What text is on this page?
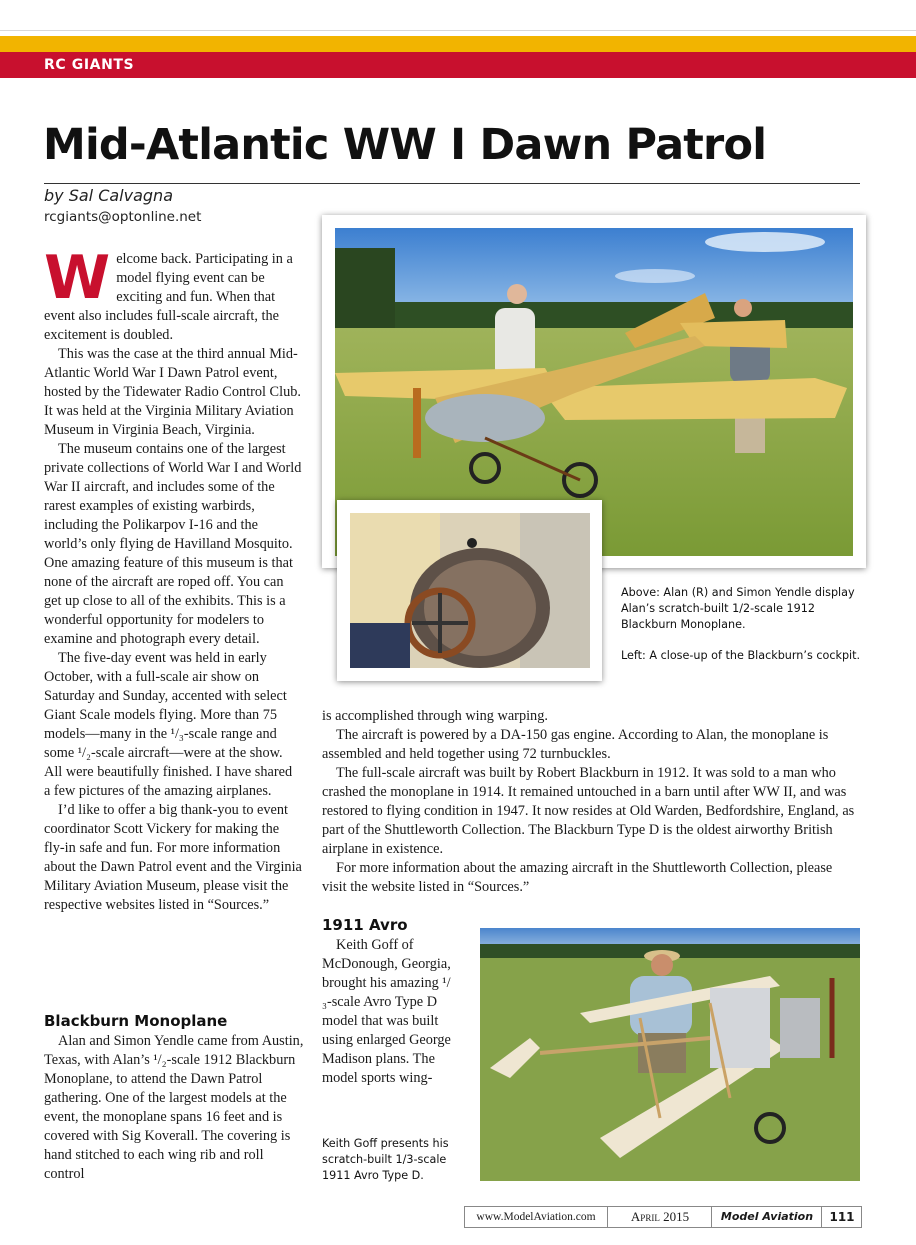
RC GIANTS
Mid-Atlantic WW I Dawn Patrol
by Sal Calvagna
rcgiants@optonline.net

Welcome back. Participating in a model flying event can be exciting and fun. When that event also includes full-scale aircraft, the excitement is doubled.

This was the case at the third annual Mid-Atlantic World War I Dawn Patrol event, hosted by the Tidewater Radio Control Club. It was held at the Virginia Military Aviation Museum in Virginia Beach, Virginia.

The museum contains one of the largest private collections of World War I and World War II aircraft, and includes some of the rarest examples of existing warbirds, including the Polikarpov I-16 and the world’s only flying de Havilland Mosquito. One amazing feature of this museum is that none of the aircraft are roped off. You can get up close to all of the exhibits. This is a wonderful opportunity for modelers to examine and photograph every detail.

The five-day event was held in early October, with a full-scale air show on Saturday and Sunday, accented with select Giant Scale models flying. More than 75 models—many in the ¹/₃-scale range and some ¹/₂-scale aircraft—were at the show. All were beautifully finished. I have shared a few pictures of the amazing airplanes.

I’d like to offer a big thank-you to event coordinator Scott Vickery for making the fly-in safe and fun. For more information about the Dawn Patrol event and the Virginia Military Aviation Museum, please visit the respective websites listed in “Sources.”

Blackburn Monoplane

Alan and Simon Yendle came from Austin, Texas, with Alan’s ¹/₂-scale 1912 Blackburn Monoplane, to attend the Dawn Patrol gathering. One of the largest models at the event, the monoplane spans 16 feet and is covered with Sig Koverall. The covering is hand stitched to each wing rib and roll control

is accomplished through wing warping.

The aircraft is powered by a DA-150 gas engine. According to Alan, the monoplane is assembled and held together using 72 turnbuckles.

The full-scale aircraft was built by Robert Blackburn in 1912. It was sold to a man who crashed the monoplane in 1914. It remained untouched in a barn until after WW II, and was restored to flying condition in 1947. It now resides at Old Warden, Bedfordshire, England, as part of the Shuttleworth Collection. The Blackburn Type D is the oldest airworthy British airplane in existence.

For more information about the amazing aircraft in the Shuttleworth Collection, please visit the website listed in “Sources.”

1911 Avro

Keith Goff of McDonough, Georgia, brought his amazing ¹/₃-scale Avro Type D model that was built using enlarged George Madison plans. The model sports wing-

Above: Alan (R) and Simon Yendle display Alan’s scratch-built 1/2-scale 1912 Blackburn Monoplane.
Left: A close-up of the Blackburn’s cockpit.
Keith Goff presents his scratch-built 1/3-scale 1911 Avro Type D.
www.ModelAviation.com	April 2015	Model Aviation	111
